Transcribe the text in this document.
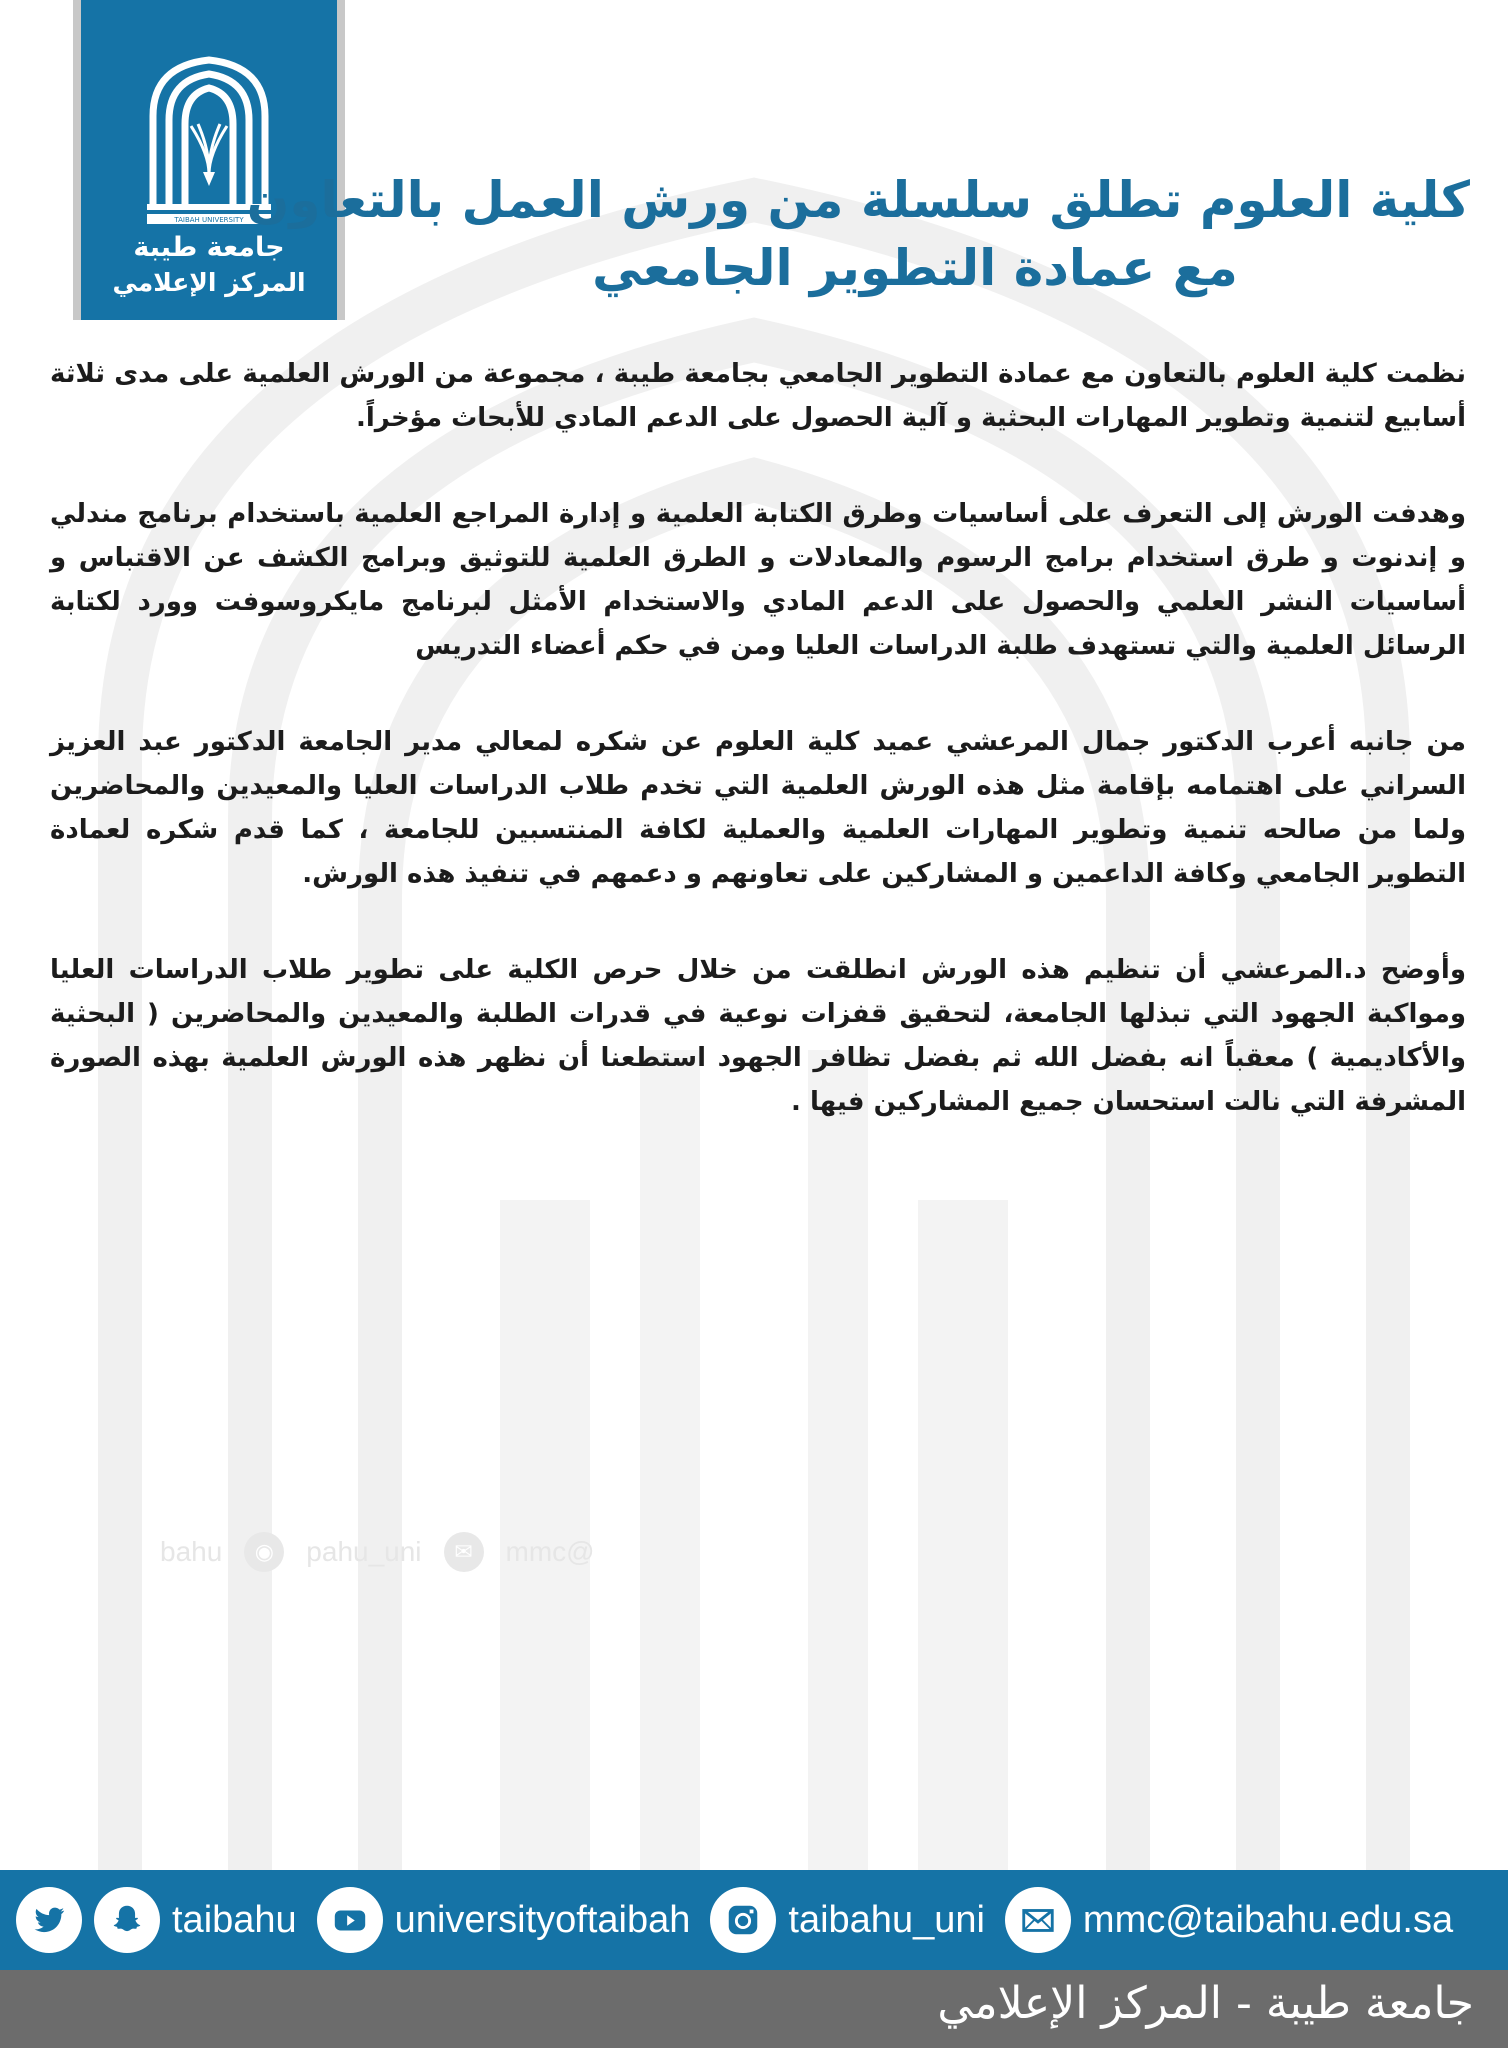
TAIBAH UNIVERSITY
جامعة طيبة
المركز الإعلامي
كلية العلوم تطلق سلسلة من ورش العمل بالتعاون
مع عمادة التطوير الجامعي

نظمت كلية العلوم بالتعاون مع عمادة التطوير الجامعي بجامعة طيبة ، مجموعة من الورش العلمية على مدى ثلاثة أسابيع لتنمية وتطوير المهارات البحثية و آلية الحصول على الدعم المادي للأبحاث مؤخراً.

وهدفت الورش إلى التعرف على أساسيات وطرق الكتابة العلمية و إدارة المراجع العلمية باستخدام برنامج مندلي و إندنوت و طرق استخدام برامج الرسوم والمعادلات و الطرق العلمية للتوثيق وبرامج الكشف عن الاقتباس و أساسيات النشر العلمي والحصول على الدعم المادي والاستخدام الأمثل لبرنامج مايكروسوفت وورد لكتابة الرسائل العلمية والتي تستهدف طلبة الدراسات العليا ومن في حكم أعضاء التدريس

من جانبه أعرب الدكتور جمال المرعشي عميد كلية العلوم عن شكره لمعالي مدير الجامعة الدكتور عبد العزيز السراني على اهتمامه بإقامة مثل هذه الورش العلمية التي تخدم طلاب الدراسات العليا والمعيدين والمحاضرين ولما من صالحه تنمية وتطوير المهارات العلمية والعملية لكافة المنتسبين للجامعة ، كما قدم شكره لعمادة التطوير الجامعي وكافة الداعمين و المشاركين على تعاونهم و دعمهم في تنفيذ هذه الورش.

وأوضح د.المرعشي أن تنظيم هذه الورش انطلقت من خلال حرص الكلية على تطوير طلاب الدراسات العليا ومواكبة الجهود التي تبذلها الجامعة، لتحقيق قفزات نوعية في قدرات الطلبة والمعيدين والمحاضرين ( البحثية والأكاديمية ) معقباً انه بفضل الله ثم بفضل تظافر الجهود استطعنا أن نظهر هذه الورش العلمية بهذه الصورة المشرفة التي نالت استحسان جميع المشاركين فيها .

bahu	◉	pahu_uni	✉	mmc@
taibahu	universityoftaibah	taibahu_uni	mmc@taibahu.edu.sa
جامعة طيبة - المركز الإعلامي
